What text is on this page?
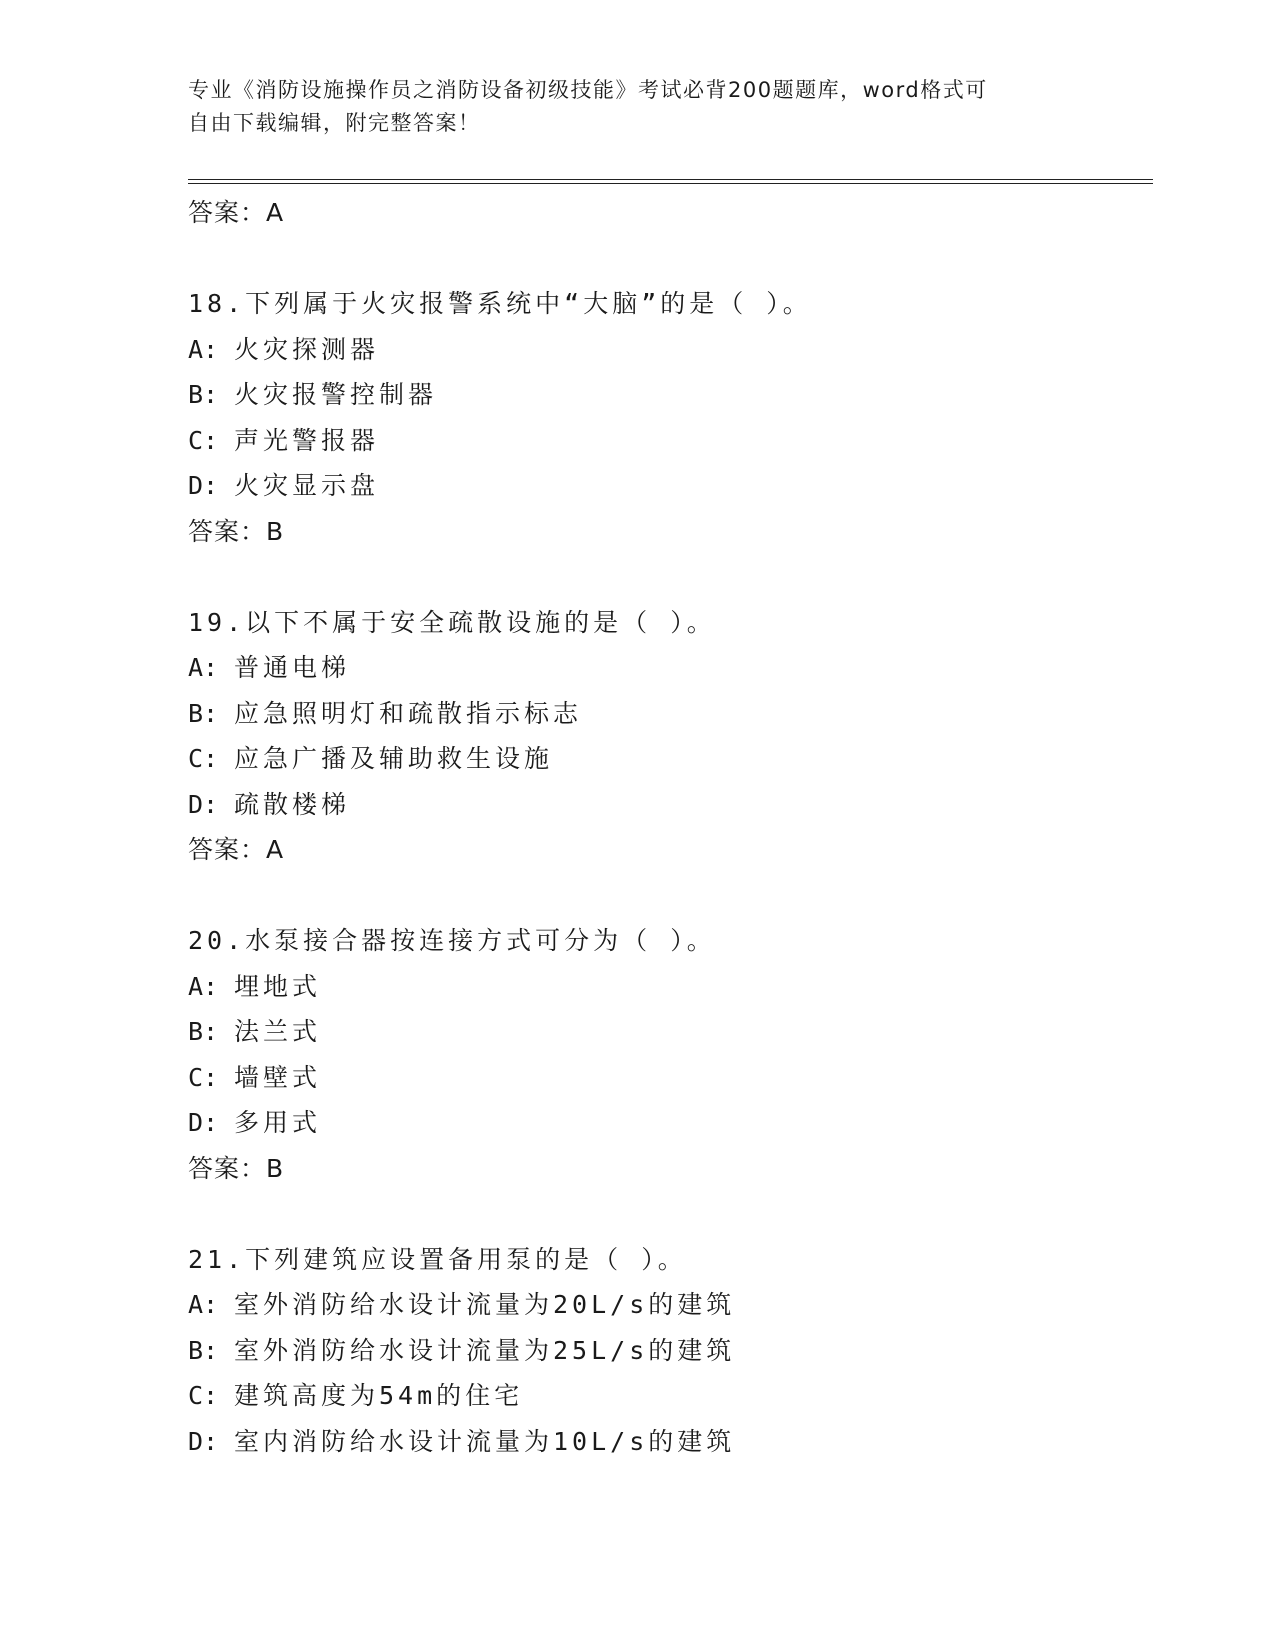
专业《消防设施操作员之消防设备初级技能》考试必背200题题库，word格式可
自由下载编辑，附完整答案！
答案：A
18.下列属于火灾报警系统中“大脑”的是（ ）。
A: 火灾探测器
B: 火灾报警控制器
C: 声光警报器
D: 火灾显示盘
答案：B
19.以下不属于安全疏散设施的是（ ）。
A: 普通电梯
B: 应急照明灯和疏散指示标志
C: 应急广播及辅助救生设施
D: 疏散楼梯
答案：A
20.水泵接合器按连接方式可分为（ ）。
A: 埋地式
B: 法兰式
C: 墙壁式
D: 多用式
答案：B
21.下列建筑应设置备用泵的是（ ）。
A: 室外消防给水设计流量为20L/s的建筑
B: 室外消防给水设计流量为25L/s的建筑
C: 建筑高度为54m的住宅
D: 室内消防给水设计流量为10L/s的建筑
